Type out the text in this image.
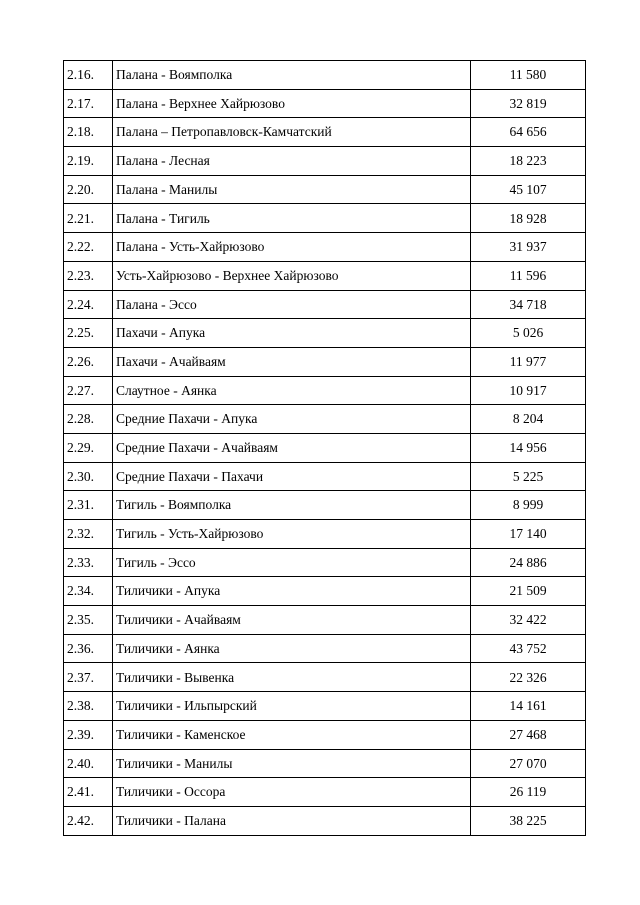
2.16.	Палана - Воямполка	11 580
2.17.	Палана - Верхнее Хайрюзово	32 819
2.18.	Палана – Петропавловск-Камчатский	64 656
2.19.	Палана - Лесная	18 223
2.20.	Палана - Манилы	45 107
2.21.	Палана - Тигиль	18 928
2.22.	Палана - Усть-Хайрюзово	31 937
2.23.	Усть-Хайрюзово - Верхнее Хайрюзово	11 596
2.24.	Палана - Эссо	34 718
2.25.	Пахачи - Апука	5 026
2.26.	Пахачи - Ачайваям	11 977
2.27.	Слаутное - Аянка	10 917
2.28.	Средние Пахачи - Апука	8 204
2.29.	Средние Пахачи - Ачайваям	14 956
2.30.	Средние Пахачи - Пахачи	5 225
2.31.	Тигиль - Воямполка	8 999
2.32.	Тигиль - Усть-Хайрюзово	17 140
2.33.	Тигиль - Эссо	24 886
2.34.	Тиличики - Апука	21 509
2.35.	Тиличики - Ачайваям	32 422
2.36.	Тиличики - Аянка	43 752
2.37.	Тиличики - Вывенка	22 326
2.38.	Тиличики - Ильпырский	14 161
2.39.	Тиличики - Каменское	27 468
2.40.	Тиличики - Манилы	27 070
2.41.	Тиличики - Оссора	26 119
2.42.	Тиличики - Палана	38 225
